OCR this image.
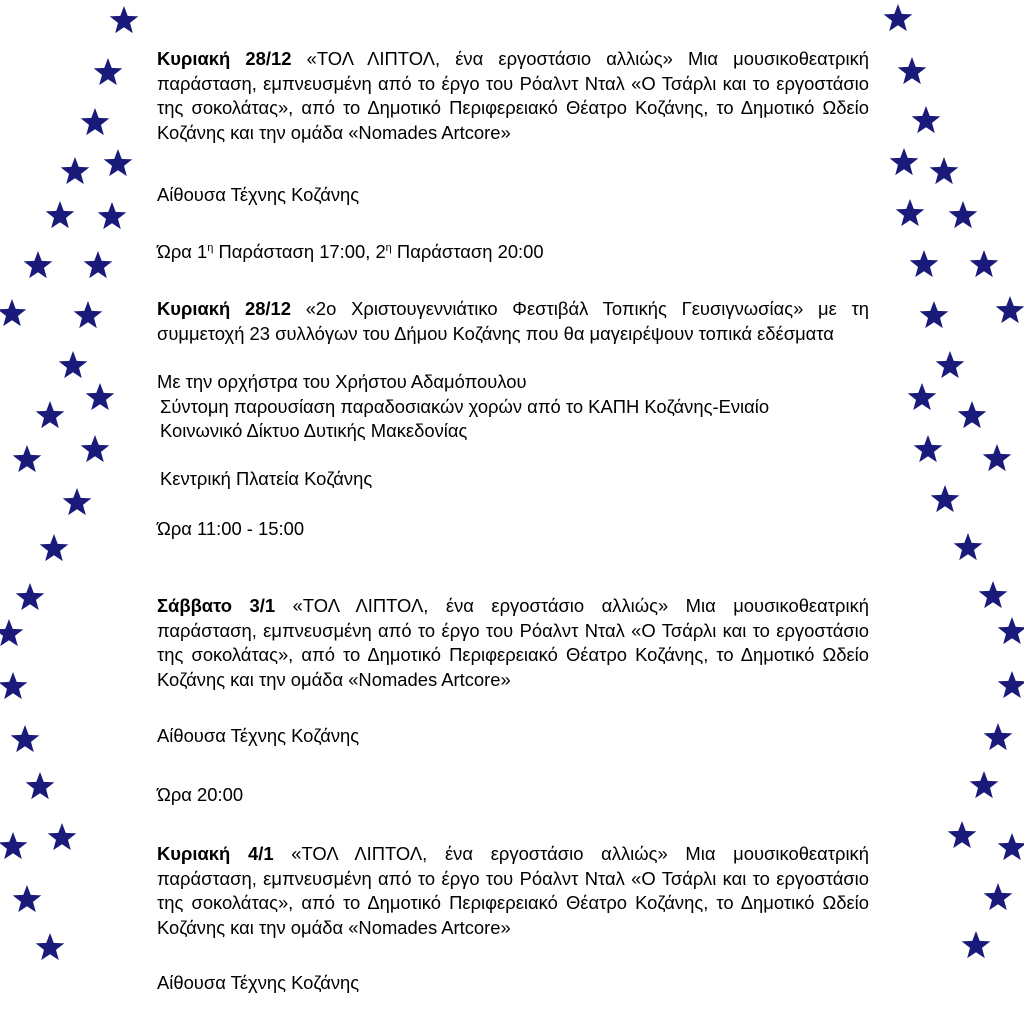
Κυριακή 28/12 «ΤΟΛ ΛΙΠΤΟΛ, ένα εργοστάσιο αλλιώς» Μια μουσικοθεατρική παράσταση, εμπνευσμένη από το έργο του Ρόαλντ Νταλ «Ο Τσάρλι και το εργοστάσιο της σοκολάτας», από το Δημοτικό Περιφερειακό Θέατρο Κοζάνης, το Δημοτικό Ωδείο Κοζάνης και την ομάδα «Nomades Artcore»

Αίθουσα Τέχνης Κοζάνης

Ώρα $1^\eta$ Παράσταση 17:00, $2^\eta$ Παράσταση 20:00

Κυριακή 28/12 «2ο Χριστουγεννιάτικο Φεστιβάλ Τοπικής Γευσιγνωσίας» με τη συμμετοχή 23 συλλόγων του Δήμου Κοζάνης που θα μαγειρέψουν τοπικά εδέσματα

Με την ορχήστρα του Χρήστου Αδαμόπουλου

Σύντομη παρουσίαση παραδοσιακών χορών από το ΚΑΠΗ Κοζάνης-Ενιαίο

Κοινωνικό Δίκτυο Δυτικής Μακεδονίας

Κεντρική Πλατεία Κοζάνης

Ώρα 11:00 - 15:00

Σάββατο 3/1 «ΤΟΛ ΛΙΠΤΟΛ, ένα εργοστάσιο αλλιώς» Μια μουσικοθεατρική παράσταση, εμπνευσμένη από το έργο του Ρόαλντ Νταλ «Ο Τσάρλι και το εργοστάσιο της σοκολάτας», από το Δημοτικό Περιφερειακό Θέατρο Κοζάνης, το Δημοτικό Ωδείο Κοζάνης και την ομάδα «Nomades Artcore»

Αίθουσα Τέχνης Κοζάνης

Ώρα 20:00

Κυριακή 4/1 «ΤΟΛ ΛΙΠΤΟΛ, ένα εργοστάσιο αλλιώς» Μια μουσικοθεατρική παράσταση, εμπνευσμένη από το έργο του Ρόαλντ Νταλ «Ο Τσάρλι και το εργοστάσιο της σοκολάτας», από το Δημοτικό Περιφερειακό Θέατρο Κοζάνης, το Δημοτικό Ωδείο Κοζάνης και την ομάδα «Nomades Artcore»

Αίθουσα Τέχνης Κοζάνης
